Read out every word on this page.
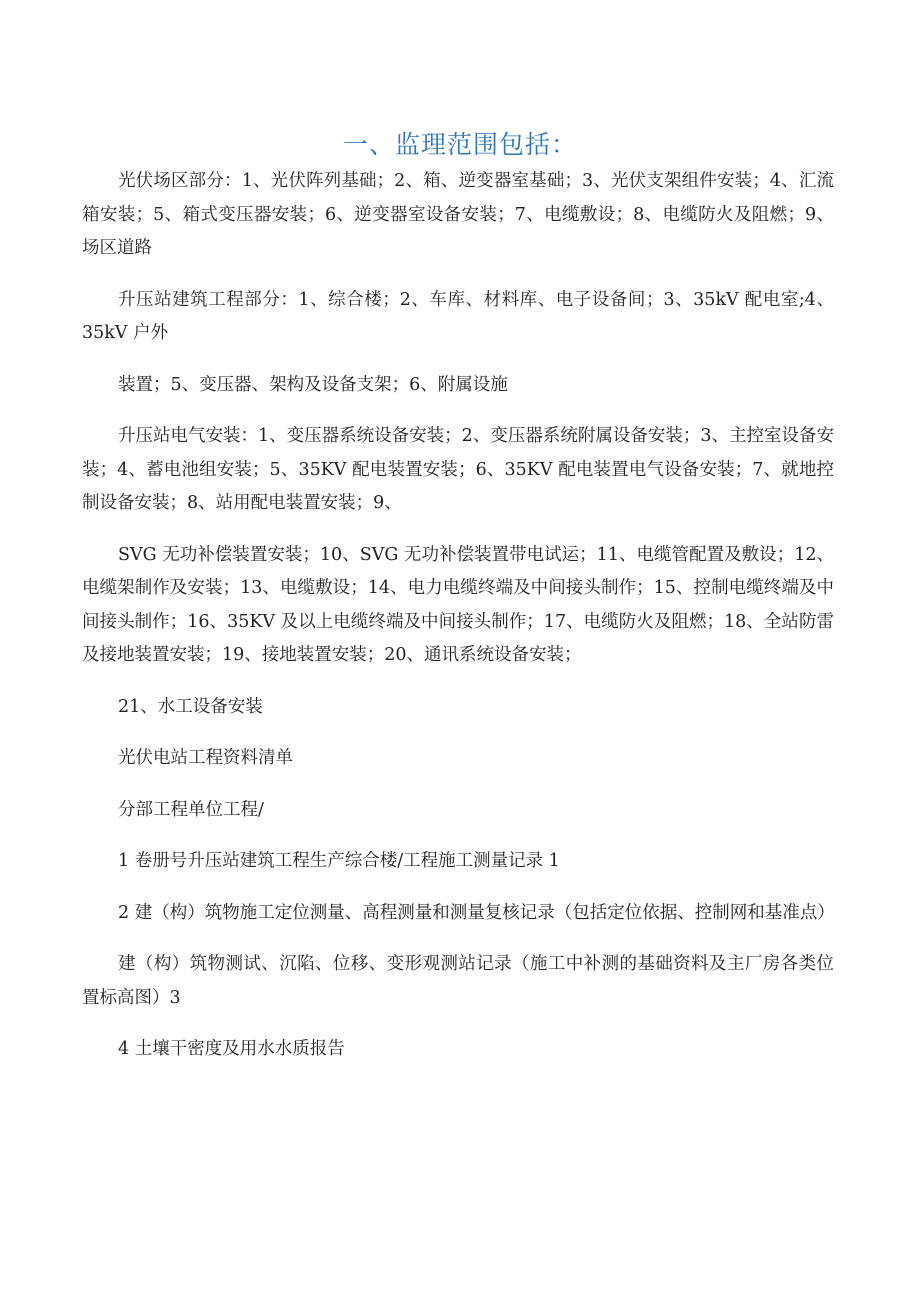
一、监理范围包括：

光伏场区部分：1、光伏阵列基础；2、箱、逆变器室基础；3、光伏支架组件安装；4、汇流箱安装；5、箱式变压器安装；6、逆变器室设备安装；7、电缆敷设；8、电缆防火及阻燃；9、场区道路

升压站建筑工程部分：1、综合楼；2、车库、材料库、电子设备间；3、35kV 配电室;4、35kV 户外

装置；5、变压器、架构及设备支架；6、附属设施

升压站电气安装：1、变压器系统设备安装；2、变压器系统附属设备安装；3、主控室设备安装；4、蓄电池组安装；5、35KV 配电装置安装；6、35KV 配电装置电气设备安装；7、就地控制设备安装；8、站用配电装置安装；9、

SVG 无功补偿装置安装；10、SVG 无功补偿装置带电试运；11、电缆管配置及敷设；12、电缆架制作及安装；13、电缆敷设；14、电力电缆终端及中间接头制作；15、控制电缆终端及中间接头制作；16、35KV 及以上电缆终端及中间接头制作；17、电缆防火及阻燃；18、全站防雷及接地装置安装；19、接地装置安装；20、通讯系统设备安装；

21、水工设备安装

光伏电站工程资料清单

分部工程单位工程/

1 卷册号升压站建筑工程生产综合楼/工程施工测量记录 1

2 建（构）筑物施工定位测量、高程测量和测量复核记录（包括定位依据、控制网和基准点）

建（构）筑物测试、沉陷、位移、变形观测站记录（施工中补测的基础资料及主厂房各类位置标高图）3

4 土壤干密度及用水水质报告
